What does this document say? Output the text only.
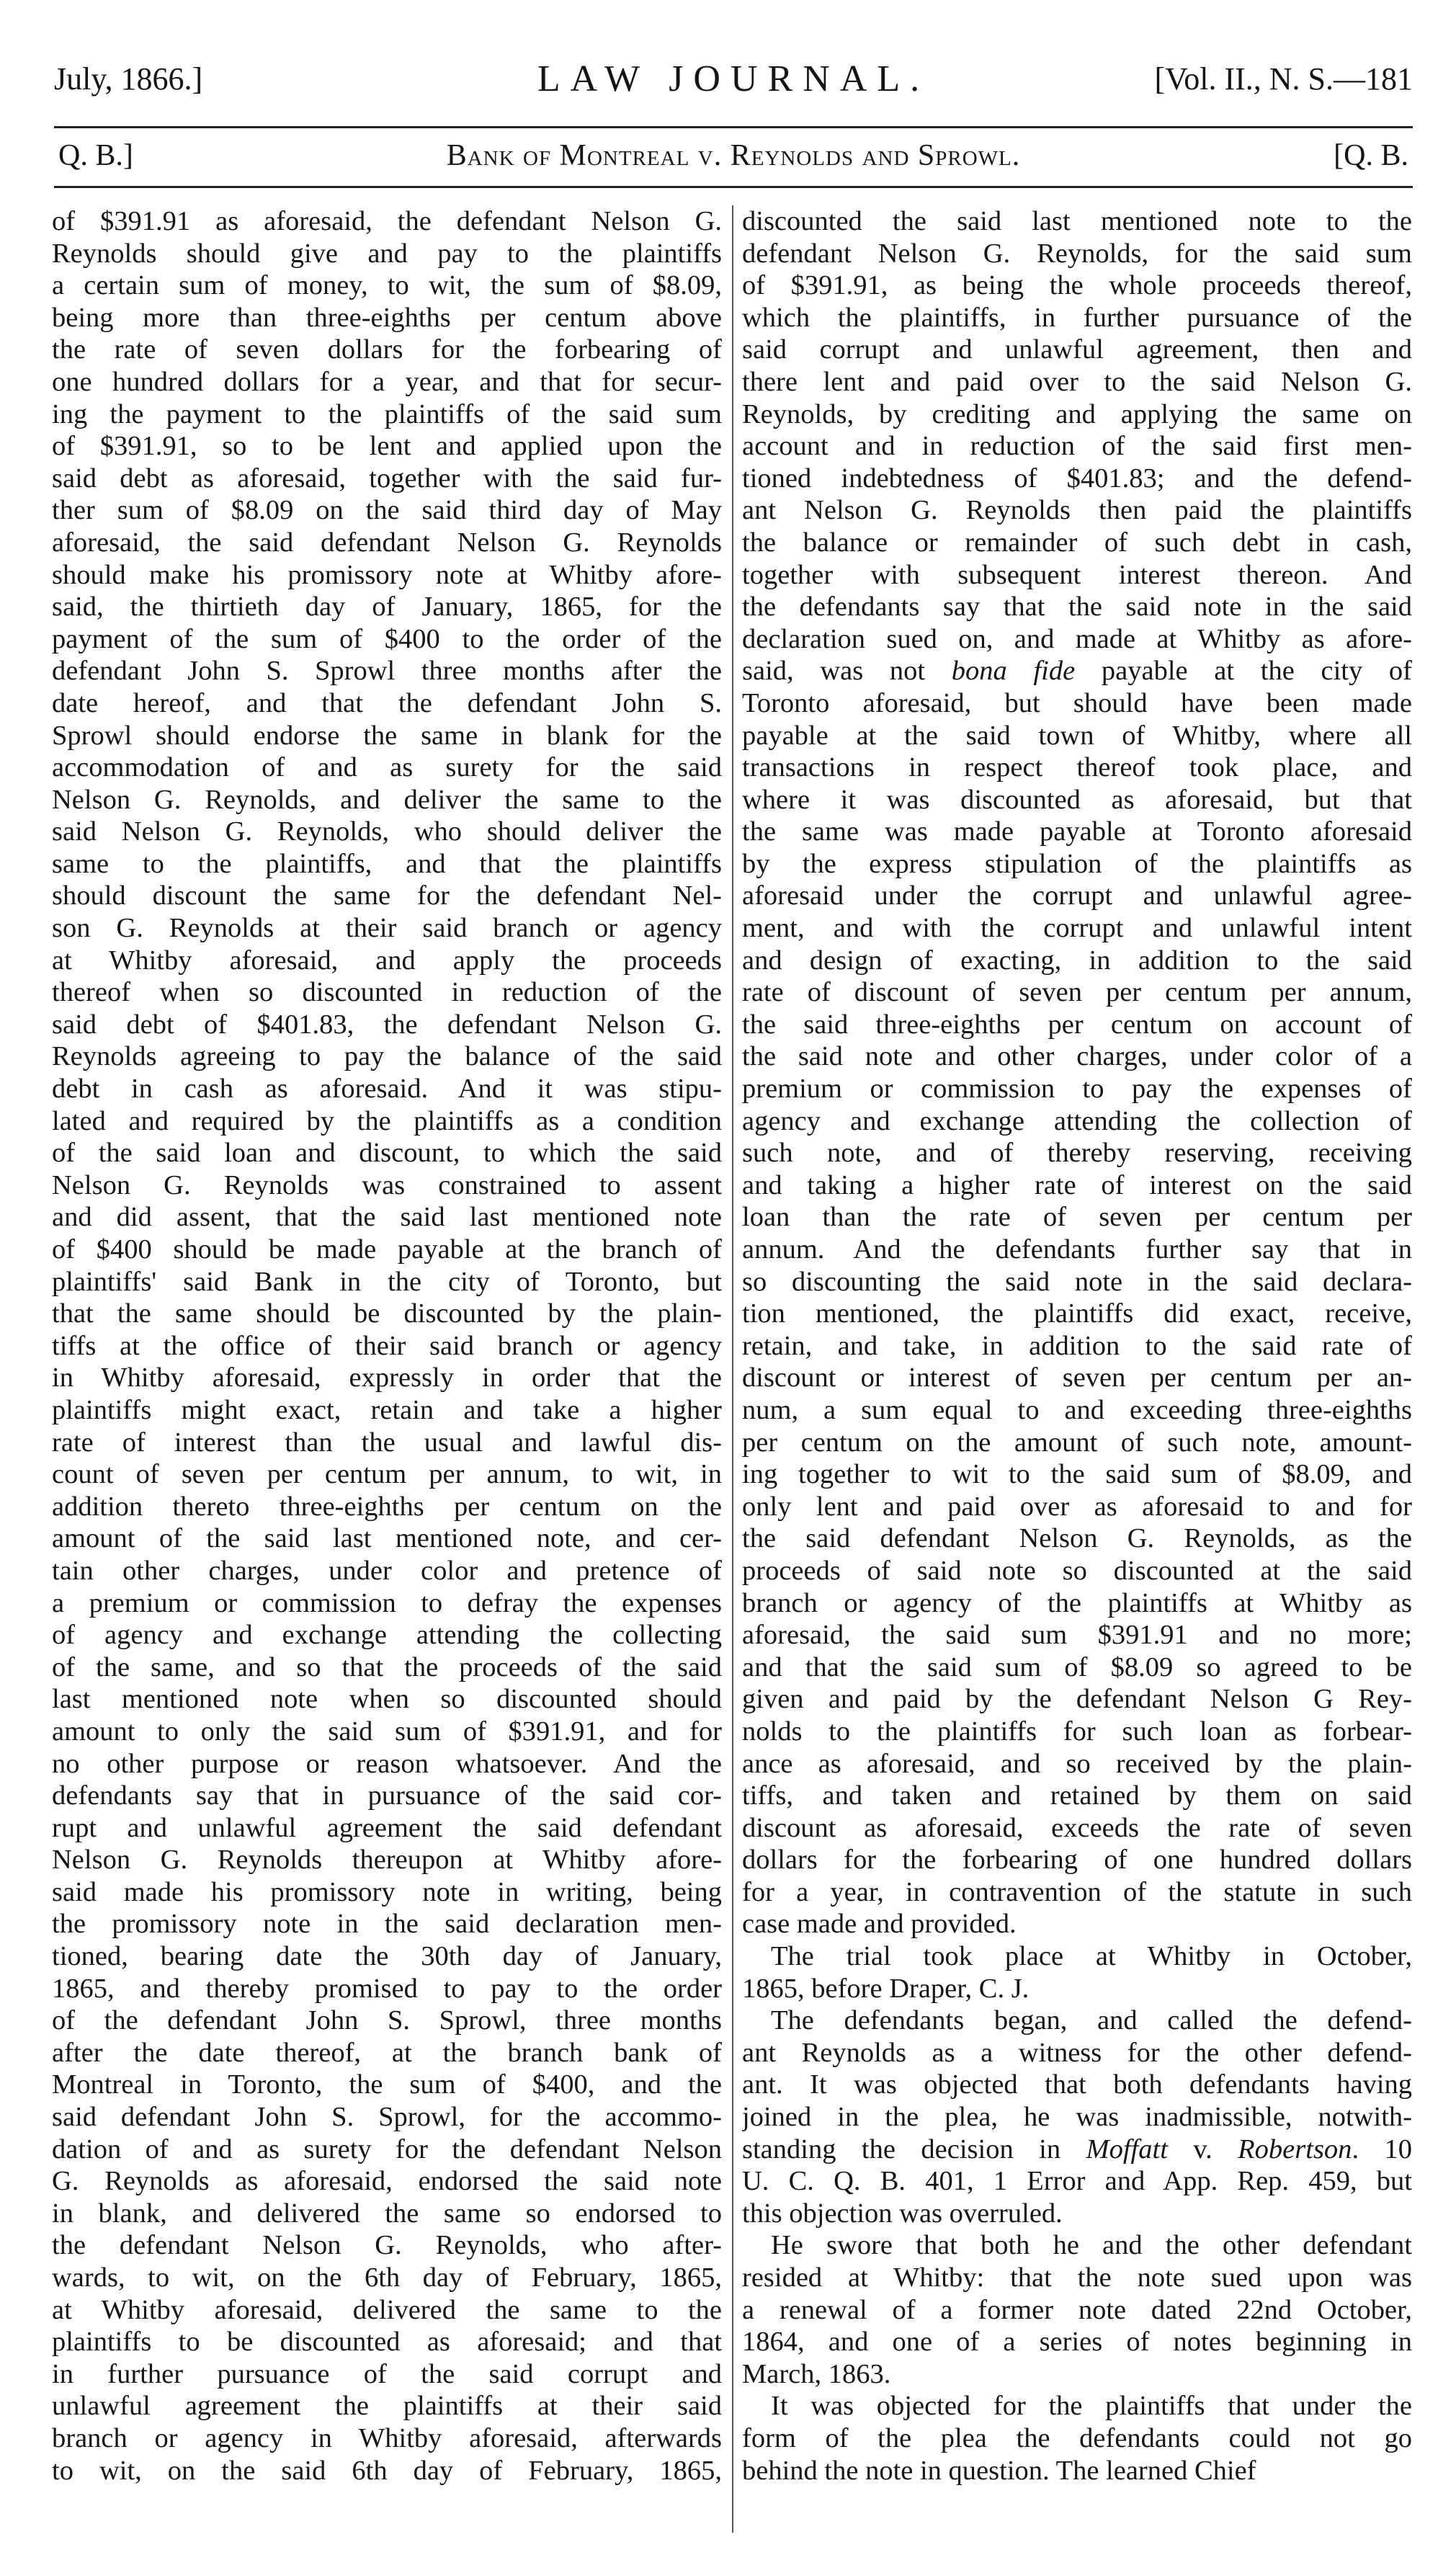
July, 1866.]	LAW JOURNAL.	[Vol. II., N. S.—181
Q. B.]	Bank of Montreal v. Reynolds and Sprowl.	[Q. B.
of $391.91 as aforesaid, the defendant Nelson G.
Reynolds should give and pay to the plaintiffs
a certain sum of money, to wit, the sum of $8.09,
being more than three-eighths per centum above
the rate of seven dollars for the forbearing of
one hundred dollars for a year, and that for secur-
ing the payment to the plaintiffs of the said sum
of $391.91, so to be lent and applied upon the
said debt as aforesaid, together with the said fur-
ther sum of $8.09 on the said third day of May
aforesaid, the said defendant Nelson G. Reynolds
should make his promissory note at Whitby afore-
said, the thirtieth day of January, 1865, for the
payment of the sum of $400 to the order of the
defendant John S. Sprowl three months after the
date hereof, and that the defendant John S.
Sprowl should endorse the same in blank for the
accommodation of and as surety for the said
Nelson G. Reynolds, and deliver the same to the
said Nelson G. Reynolds, who should deliver the
same to the plaintiffs, and that the plaintiffs
should discount the same for the defendant Nel-
son G. Reynolds at their said branch or agency
at Whitby aforesaid, and apply the proceeds
thereof when so discounted in reduction of the
said debt of $401.83, the defendant Nelson G.
Reynolds agreeing to pay the balance of the said
debt in cash as aforesaid. And it was stipu-
lated and required by the plaintiffs as a condition
of the said loan and discount, to which the said
Nelson G. Reynolds was constrained to assent
and did assent, that the said last mentioned note
of $400 should be made payable at the branch of
plaintiffs' said Bank in the city of Toronto, but
that the same should be discounted by the plain-
tiffs at the office of their said branch or agency
in Whitby aforesaid, expressly in order that the
plaintiffs might exact, retain and take a higher
rate of interest than the usual and lawful dis-
count of seven per centum per annum, to wit, in
addition thereto three-eighths per centum on the
amount of the said last mentioned note, and cer-
tain other charges, under color and pretence of
a premium or commission to defray the expenses
of agency and exchange attending the collecting
of the same, and so that the proceeds of the said
last mentioned note when so discounted should
amount to only the said sum of $391.91, and for
no other purpose or reason whatsoever. And the
defendants say that in pursuance of the said cor-
rupt and unlawful agreement the said defendant
Nelson G. Reynolds thereupon at Whitby afore-
said made his promissory note in writing, being
the promissory note in the said declaration men-
tioned, bearing date the 30th day of January,
1865, and thereby promised to pay to the order
of the defendant John S. Sprowl, three months
after the date thereof, at the branch bank of
Montreal in Toronto, the sum of $400, and the
said defendant John S. Sprowl, for the accommo-
dation of and as surety for the defendant Nelson
G. Reynolds as aforesaid, endorsed the said note
in blank, and delivered the same so endorsed to
the defendant Nelson G. Reynolds, who after-
wards, to wit, on the 6th day of February, 1865,
at Whitby aforesaid, delivered the same to the
plaintiffs to be discounted as aforesaid; and that
in further pursuance of the said corrupt and
unlawful agreement the plaintiffs at their said
branch or agency in Whitby aforesaid, afterwards
to wit, on the said 6th day of February, 1865,
discounted the said last mentioned note to the
defendant Nelson G. Reynolds, for the said sum
of $391.91, as being the whole proceeds thereof,
which the plaintiffs, in further pursuance of the
said corrupt and unlawful agreement, then and
there lent and paid over to the said Nelson G.
Reynolds, by crediting and applying the same on
account and in reduction of the said first men-
tioned indebtedness of $401.83; and the defend-
ant Nelson G. Reynolds then paid the plaintiffs
the balance or remainder of such debt in cash,
together with subsequent interest thereon. And
the defendants say that the said note in the said
declaration sued on, and made at Whitby as afore-
said, was not bona fide payable at the city of
Toronto aforesaid, but should have been made
payable at the said town of Whitby, where all
transactions in respect thereof took place, and
where it was discounted as aforesaid, but that
the same was made payable at Toronto aforesaid
by the express stipulation of the plaintiffs as
aforesaid under the corrupt and unlawful agree-
ment, and with the corrupt and unlawful intent
and design of exacting, in addition to the said
rate of discount of seven per centum per annum,
the said three-eighths per centum on account of
the said note and other charges, under color of a
premium or commission to pay the expenses of
agency and exchange attending the collection of
such note, and of thereby reserving, receiving
and taking a higher rate of interest on the said
loan than the rate of seven per centum per
annum. And the defendants further say that in
so discounting the said note in the said declara-
tion mentioned, the plaintiffs did exact, receive,
retain, and take, in addition to the said rate of
discount or interest of seven per centum per an-
num, a sum equal to and exceeding three-eighths
per centum on the amount of such note, amount-
ing together to wit to the said sum of $8.09, and
only lent and paid over as aforesaid to and for
the said defendant Nelson G. Reynolds, as the
proceeds of said note so discounted at the said
branch or agency of the plaintiffs at Whitby as
aforesaid, the said sum $391.91 and no more;
and that the said sum of $8.09 so agreed to be
given and paid by the defendant Nelson G Rey-
nolds to the plaintiffs for such loan as forbear-
ance as aforesaid, and so received by the plain-
tiffs, and taken and retained by them on said
discount as aforesaid, exceeds the rate of seven
dollars for the forbearing of one hundred dollars
for a year, in contravention of the statute in such
case made and provided.
The trial took place at Whitby in October,
1865, before Draper, C. J.
The defendants began, and called the defend-
ant Reynolds as a witness for the other defend-
ant. It was objected that both defendants having
joined in the plea, he was inadmissible, notwith-
standing the decision in Moffatt v. Robertson. 10
U. C. Q. B. 401, 1 Error and App. Rep. 459, but
this objection was overruled.
He swore that both he and the other defendant
resided at Whitby: that the note sued upon was
a renewal of a former note dated 22nd October,
1864, and one of a series of notes beginning in
March, 1863.
It was objected for the plaintiffs that under the
form of the plea the defendants could not go
behind the note in question. The learned Chief
